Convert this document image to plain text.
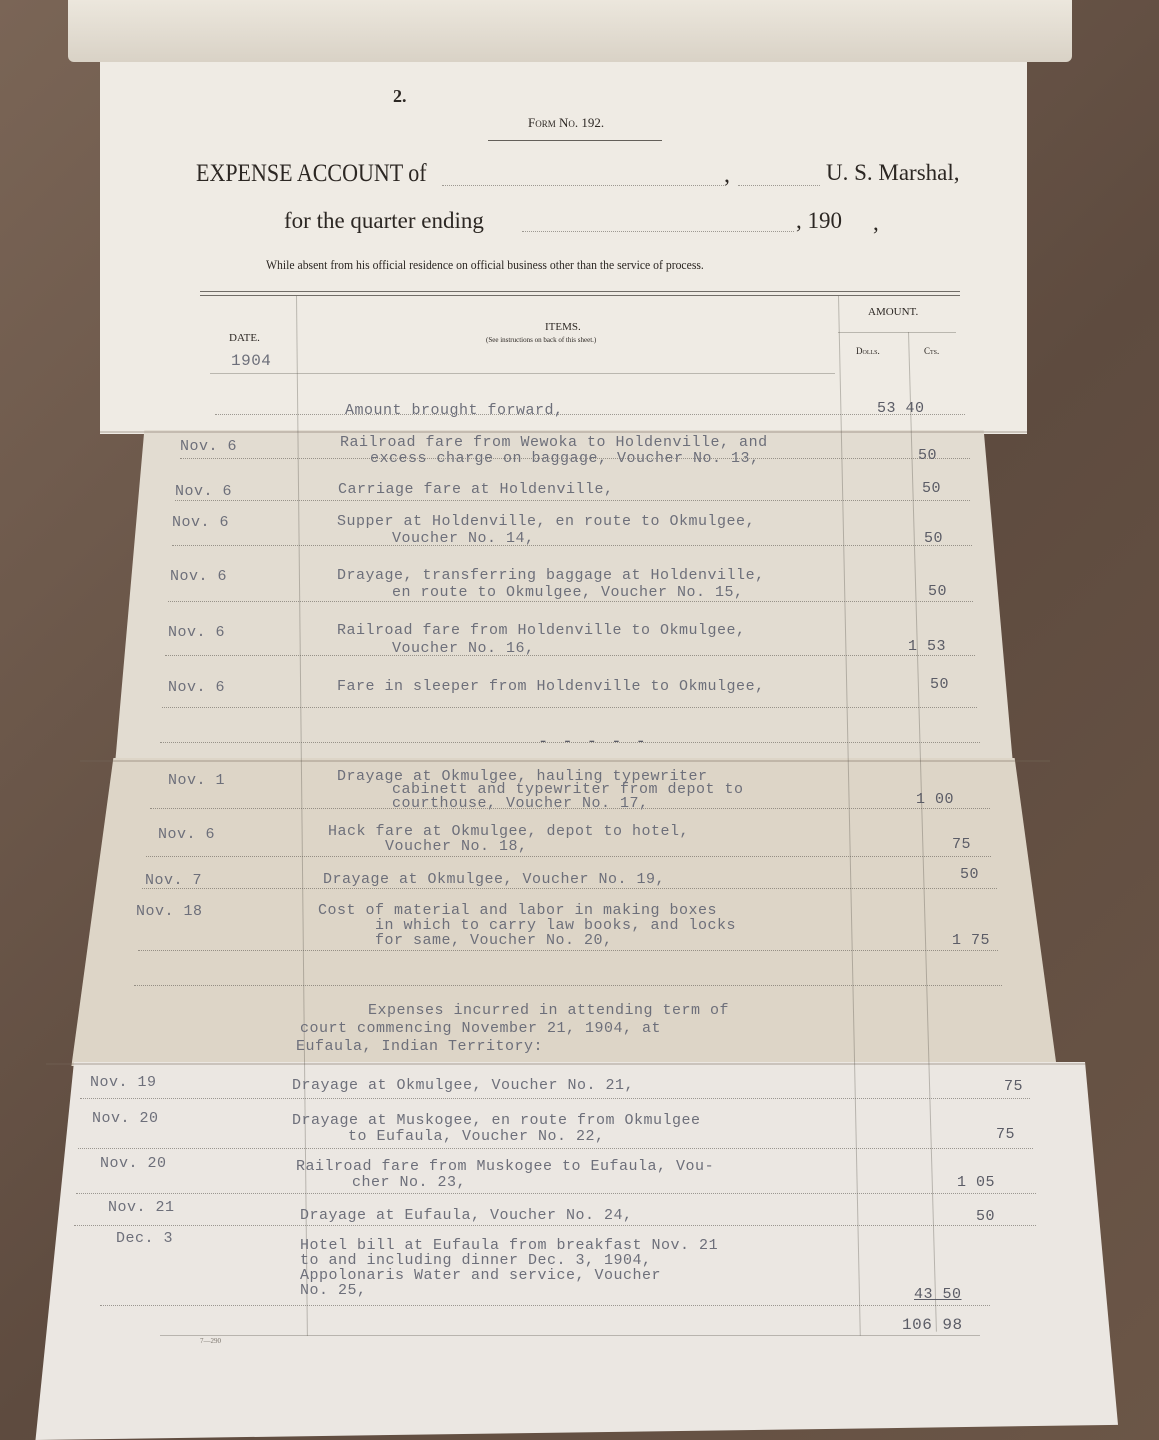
2.
Form No. 192.
EXPENSE ACCOUNT of	,	U. S. Marshal,
for the quarter ending	, 190 ,
While absent from his official residence on official business other than the service of process.
DATE.
1904
ITEMS.
(See instructions on back of this sheet.)
AMOUNT.
Dolls.	Cts.
Amount brought forward,	53 40
Nov. 6	Railroad fare from Wewoka to Holdenville, and
excess charge on baggage, Voucher No. 13,	50
Nov. 6	Carriage fare at Holdenville,	50
Nov. 6	Supper at Holdenville, en route to Okmulgee,
Voucher No. 14,	50
Nov. 6	Drayage, transferring baggage at Holdenville,
en route to Okmulgee, Voucher No. 15,	50
Nov. 6	Railroad fare from Holdenville to Okmulgee,
Voucher No. 16,	1 53
Nov. 6	Fare in sleeper from Holdenville to Okmulgee,	50
- - - - -
Nov. 1	Drayage at Okmulgee, hauling typewriter
cabinett and typewriter from depot to
courthouse, Voucher No. 17,	1 00
Nov. 6	Hack fare at Okmulgee, depot to hotel,
Voucher No. 18,	75
Nov. 7	Drayage at Okmulgee, Voucher No. 19,	50
Nov. 18	Cost of material and labor in making boxes
in which to carry law books, and locks
for same, Voucher No. 20,	1 75
Expenses incurred in attending term of
court commencing November 21, 1904, at
Eufaula, Indian Territory:
Nov. 19	Drayage at Okmulgee, Voucher No. 21,	75
Nov. 20	Drayage at Muskogee, en route from Okmulgee
to Eufaula, Voucher No. 22,	75
Nov. 20	Railroad fare from Muskogee to Eufaula, Vou-
cher No. 23,	1 05
Nov. 21	Drayage at Eufaula, Voucher No. 24,	50
Dec. 3	Hotel bill at Eufaula from breakfast Nov. 21
to and including dinner Dec. 3, 1904,
Appolonaris Water and service, Voucher
No. 25,	43 50
106 98
7—290
